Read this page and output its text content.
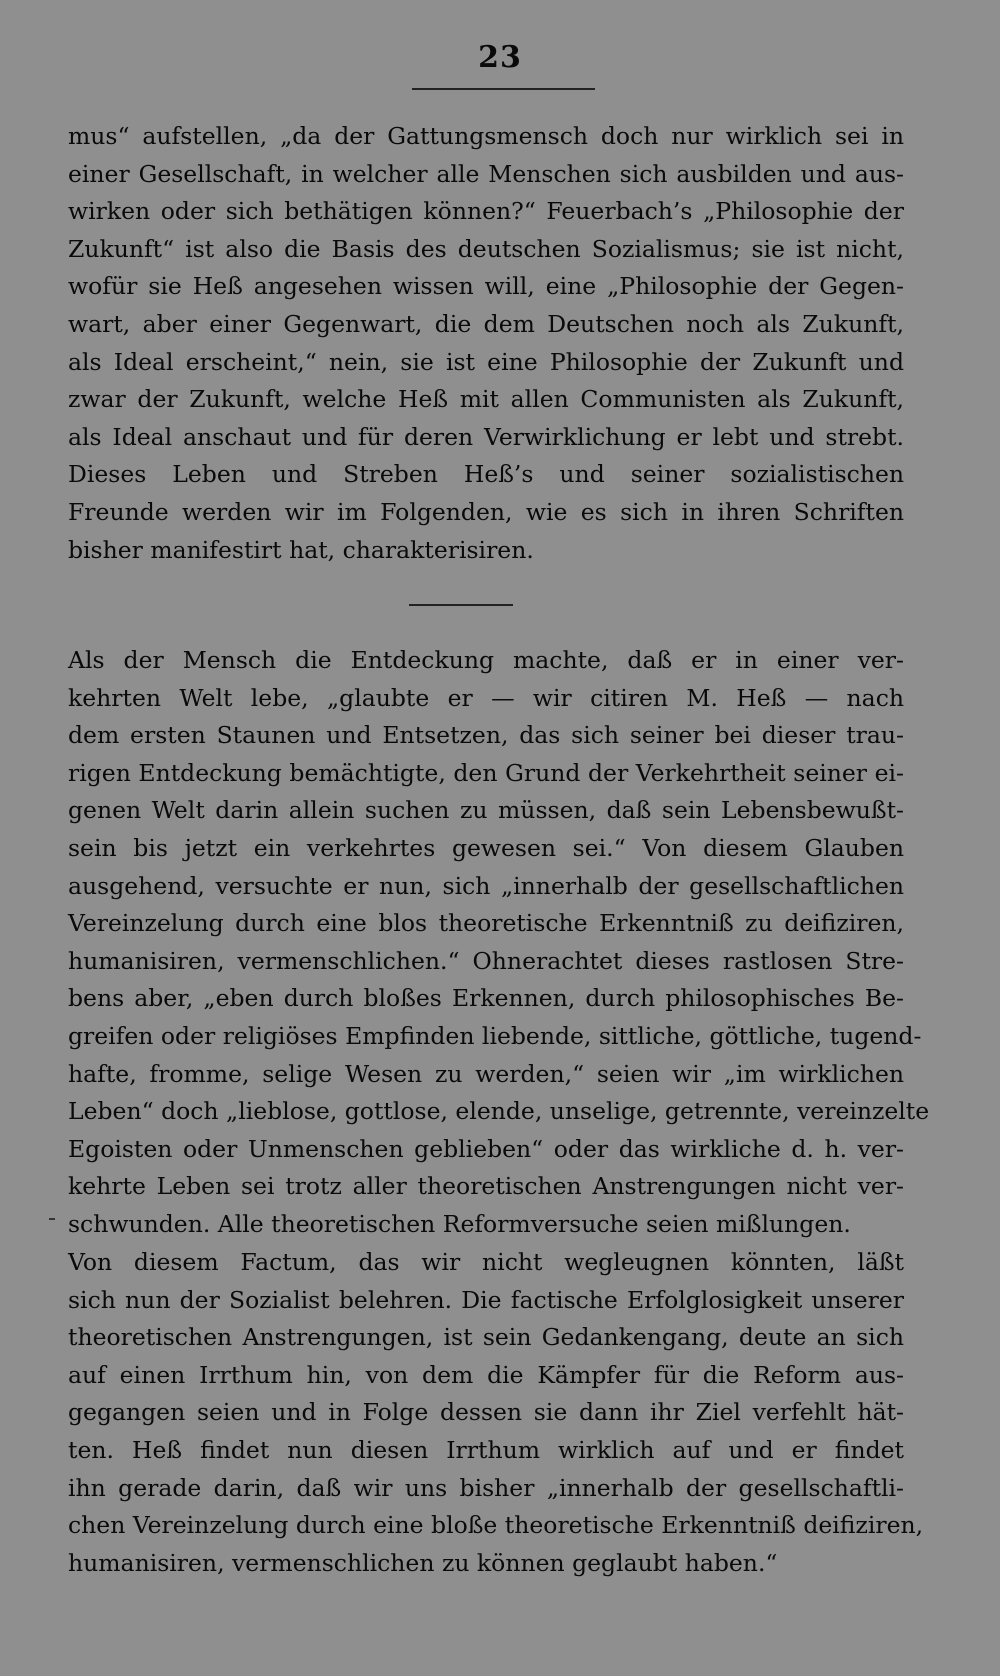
23
mus“ aufstellen, „da der Gattungsmensch doch nur wirklich sei in
einer Gesellschaft, in welcher alle Menschen sich ausbilden und aus-
wirken oder sich bethätigen können?“ Feuerbach’s „Philosophie der
Zukunft“ ist also die Basis des deutschen Sozialismus; sie ist nicht,
wofür sie Heß angesehen wissen will, eine „Philosophie der Gegen-
wart, aber einer Gegenwart, die dem Deutschen noch als Zukunft,
als Ideal erscheint,“ nein, sie ist eine Philosophie der Zukunft und
zwar der Zukunft, welche Heß mit allen Communisten als Zukunft,
als Ideal anschaut und für deren Verwirklichung er lebt und strebt.
Dieses Leben und Streben Heß’s und seiner sozialistischen
Freunde werden wir im Folgenden, wie es sich in ihren Schriften
bisher manifestirt hat, charakterisiren.
Als der Mensch die Entdeckung machte, daß er in einer ver-
kehrten Welt lebe, „glaubte er — wir citiren M. Heß — nach
dem ersten Staunen und Entsetzen, das sich seiner bei dieser trau-
rigen Entdeckung bemächtigte, den Grund der Verkehrtheit seiner ei-
genen Welt darin allein suchen zu müssen, daß sein Lebensbewußt-
sein bis jetzt ein verkehrtes gewesen sei.“ Von diesem Glauben
ausgehend, versuchte er nun, sich „innerhalb der gesellschaftlichen
Vereinzelung durch eine blos theoretische Erkenntniß zu deifiziren,
humanisiren, vermenschlichen.“ Ohnerachtet dieses rastlosen Stre-
bens aber, „eben durch bloßes Erkennen, durch philosophisches Be-
greifen oder religiöses Empfinden liebende, sittliche, göttliche, tugend-
hafte, fromme, selige Wesen zu werden,“ seien wir „im wirklichen
Leben“ doch „lieblose, gottlose, elende, unselige, getrennte, vereinzelte
Egoisten oder Unmenschen geblieben“ oder das wirkliche d. h. ver-
kehrte Leben sei trotz aller theoretischen Anstrengungen nicht ver-
schwunden. Alle theoretischen Reformversuche seien mißlungen.
Von diesem Factum, das wir nicht wegleugnen könnten, läßt
sich nun der Sozialist belehren. Die factische Erfolglosigkeit unserer
theoretischen Anstrengungen, ist sein Gedankengang, deute an sich
auf einen Irrthum hin, von dem die Kämpfer für die Reform aus-
gegangen seien und in Folge dessen sie dann ihr Ziel verfehlt hät-
ten. Heß findet nun diesen Irrthum wirklich auf und er findet
ihn gerade darin, daß wir uns bisher „innerhalb der gesellschaftli-
chen Vereinzelung durch eine bloße theoretische Erkenntniß deifiziren,
humanisiren, vermenschlichen zu können geglaubt haben.“
